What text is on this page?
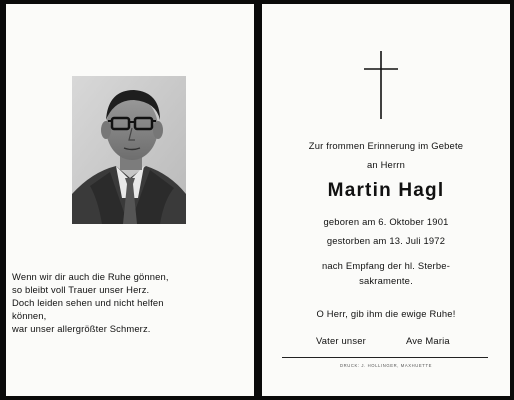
Wenn wir dir auch die Ruhe gönnen,
so bleibt voll Trauer unser Herz.
Doch leiden sehen und nicht helfen
können,
war unser allergrößter Schmerz.
Zur frommen Erinnerung im Gebete
an Herrn
Martin Hagl
geboren am 6. Oktober 1901
gestorben am 13. Juli 1972
nach Empfang der hl. Sterbe-
sakramente.
O Herr, gib ihm die ewige Ruhe!
Vater unser	Ave Maria
DRUCK: J. HOLLINGER, MAXHUETTE
